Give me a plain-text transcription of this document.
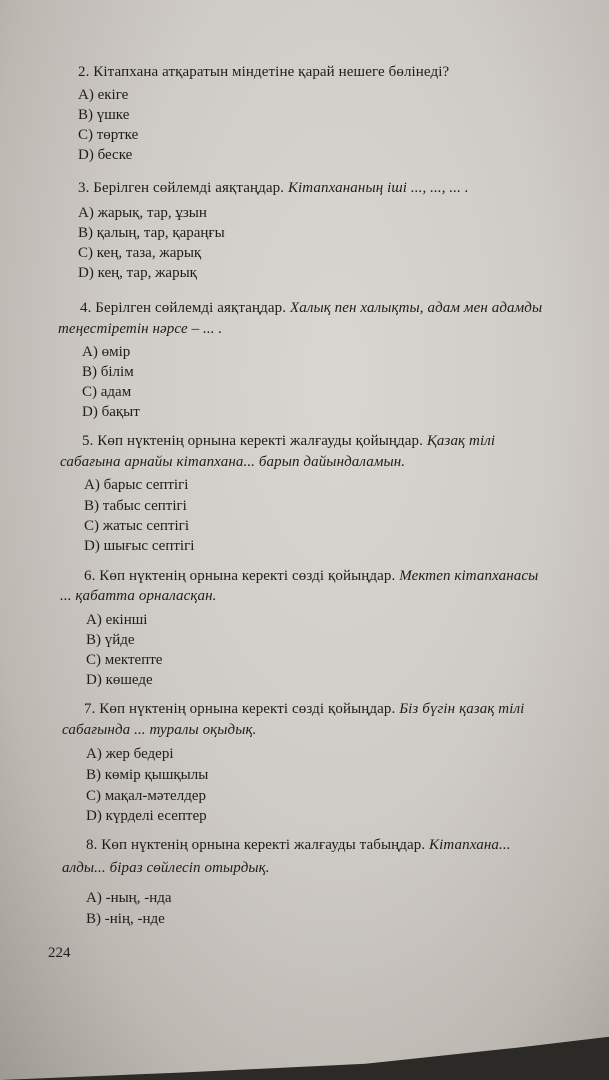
2. Кітапхана атқаратын міндетіне қарай нешеге бөлінеді?
A) екіге
B) үшке
C) төртке
D) беске
3. Берілген сөйлемді аяқтаңдар. Кітапхананың іші ..., ..., ... .
A) жарық, тар, ұзын
B) қалың, тар, қараңғы
C) кең, таза, жарық
D) кең, тар, жарық
4. Берілген сөйлемді аяқтаңдар. Халық пен халықты, адам мен адамды
теңестіретін нәрсе – ... .
A) өмір
B) білім
C) адам
D) бақыт
5. Көп нүктенің орнына керекті жалғауды қойыңдар. Қазақ тілі
сабағына арнайы кітапхана... барып дайындаламын.
A) барыс септігі
B) табыс септігі
C) жатыс септігі
D) шығыс септігі
6. Көп нүктенің орнына керекті сөзді қойыңдар. Мектеп кітапханасы
... қабатта орналасқан.
A) екінші
B) үйде
C) мектепте
D) көшеде
7. Көп нүктенің орнына керекті сөзді қойыңдар. Біз бүгін қазақ тілі
сабағында ... туралы оқыдық.
A) жер бедері
B) көмір қышқылы
C) мақал-мәтелдер
D) күрделі есептер
8. Көп нүктенің орнына керекті жалғауды табыңдар. Кітапхана...
алды... біраз сөйлесіп отырдық.
A) -ның, -нда
B) -нің, -нде
224
